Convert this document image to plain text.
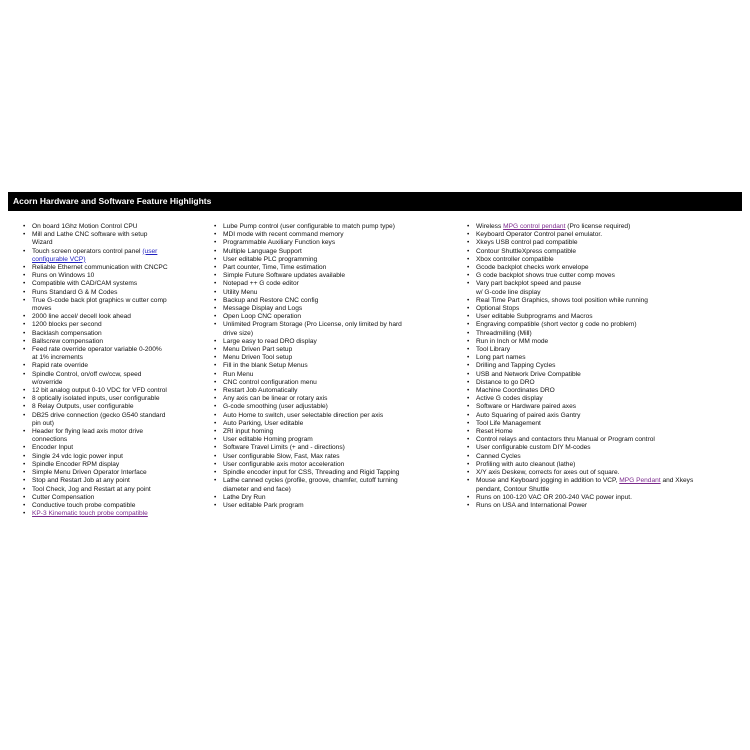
Acorn Hardware and Software Feature Highlights
• On board 1Ghz Motion Control CPU
• Mill and Lathe CNC software with setup
Wizard
• Touch screen operators control panel (user
configurable VCP)
• Reliable Ethernet communication with CNCPC
• Runs on Windows 10
• Compatible with CAD/CAM systems
• Runs Standard G & M Codes
• True G-code back plot graphics w cutter comp
moves
• 2000 line accel/ decell look ahead
• 1200 blocks per second
• Backlash compensation
• Ballscrew compensation
• Feed rate override operator variable 0-200%
at 1% increments
• Rapid rate override
• Spindle Control, on/off cw/ccw, speed
w/override
• 12 bit analog output 0-10 VDC for VFD control
• 8 optically isolated inputs, user configurable
• 8 Relay Outputs, user configurable
• DB25 drive connection (gecko G540 standard
pin out)
• Header for flying lead axis motor drive
connections
• Encoder Input
• Single 24 vdc logic power input
• Spindle Encoder RPM display
• Simple Menu Driven Operator Interface
• Stop and Restart Job at any point
• Tool Check, Jog and Restart at any point
• Cutter Compensation
• Conductive touch probe compatible
• KP-3 Kinematic touch probe compatible
• Lube Pump control (user configurable to match pump type)
• MDI mode with recent command memory
• Programmable Auxiliary Function keys
• Multiple Language Support
• User editable PLC programming
• Part counter, Time, Time estimation
• Simple Future Software updates available
• Notepad ++ G code editor
• Utility Menu
• Backup and Restore CNC config
• Message Display and Logs
• Open Loop CNC operation
• Unlimited Program Storage (Pro License, only limited by hard
drive size)
• Large easy to read DRO display
• Menu Driven Part setup
• Menu Driven Tool setup
• Fill in the blank Setup Menus
• Run Menu
• CNC control configuration menu
• Restart Job Automatically
• Any axis can be linear or rotary axis
• G-code smoothing (user adjustable)
• Auto Home to switch, user selectable direction per axis
• Auto Parking, User editable
• ZRI input homing
• User editable Homing program
• Software Travel Limits (+ and - directions)
• User configurable Slow, Fast, Max rates
• User configurable axis motor acceleration
• Spindle encoder input for CSS, Threading and Rigid Tapping
• Lathe canned cycles (profile, groove, chamfer, cutoff turning
diameter and end face)
• Lathe Dry Run
• User editable Park program
• Wireless MPG control pendant (Pro license required)
• Keyboard Operator Control panel emulator.
• Xkeys USB control pad compatible
• Contour ShuttleXpress compatible
• Xbox controller compatible
• Gcode backplot checks work envelope
• G code backplot shows true cutter comp moves
• Vary part backplot speed and pause
w/ G-code line display
• Real Time Part Graphics, shows tool position while running
• Optional Stops
• User editable Subprograms and Macros
• Engraving compatible (short vector g code no problem)
• Threadmilling (Mill)
• Run in Inch or MM mode
• Tool Library
• Long part names
• Drilling and Tapping Cycles
• USB and Network Drive Compatible
• Distance to go DRO
• Machine Coordinates DRO
• Active G codes display
• Software or Hardware paired axes
• Auto Squaring of paired axis Gantry
• Tool Life Management
• Reset Home
• Control relays and contactors thru Manual or Program control
• User configurable custom DIY M-codes
• Canned Cycles
• Profiling with auto cleanout (lathe)
• X/Y axis Deskew, corrects for axes out of square.
• Mouse and Keyboard jogging in addition to VCP, MPG Pendant and Xkeys
pendant, Contour Shuttle
• Runs on 100-120 VAC OR 200-240 VAC power input.
• Runs on USA and International Power
